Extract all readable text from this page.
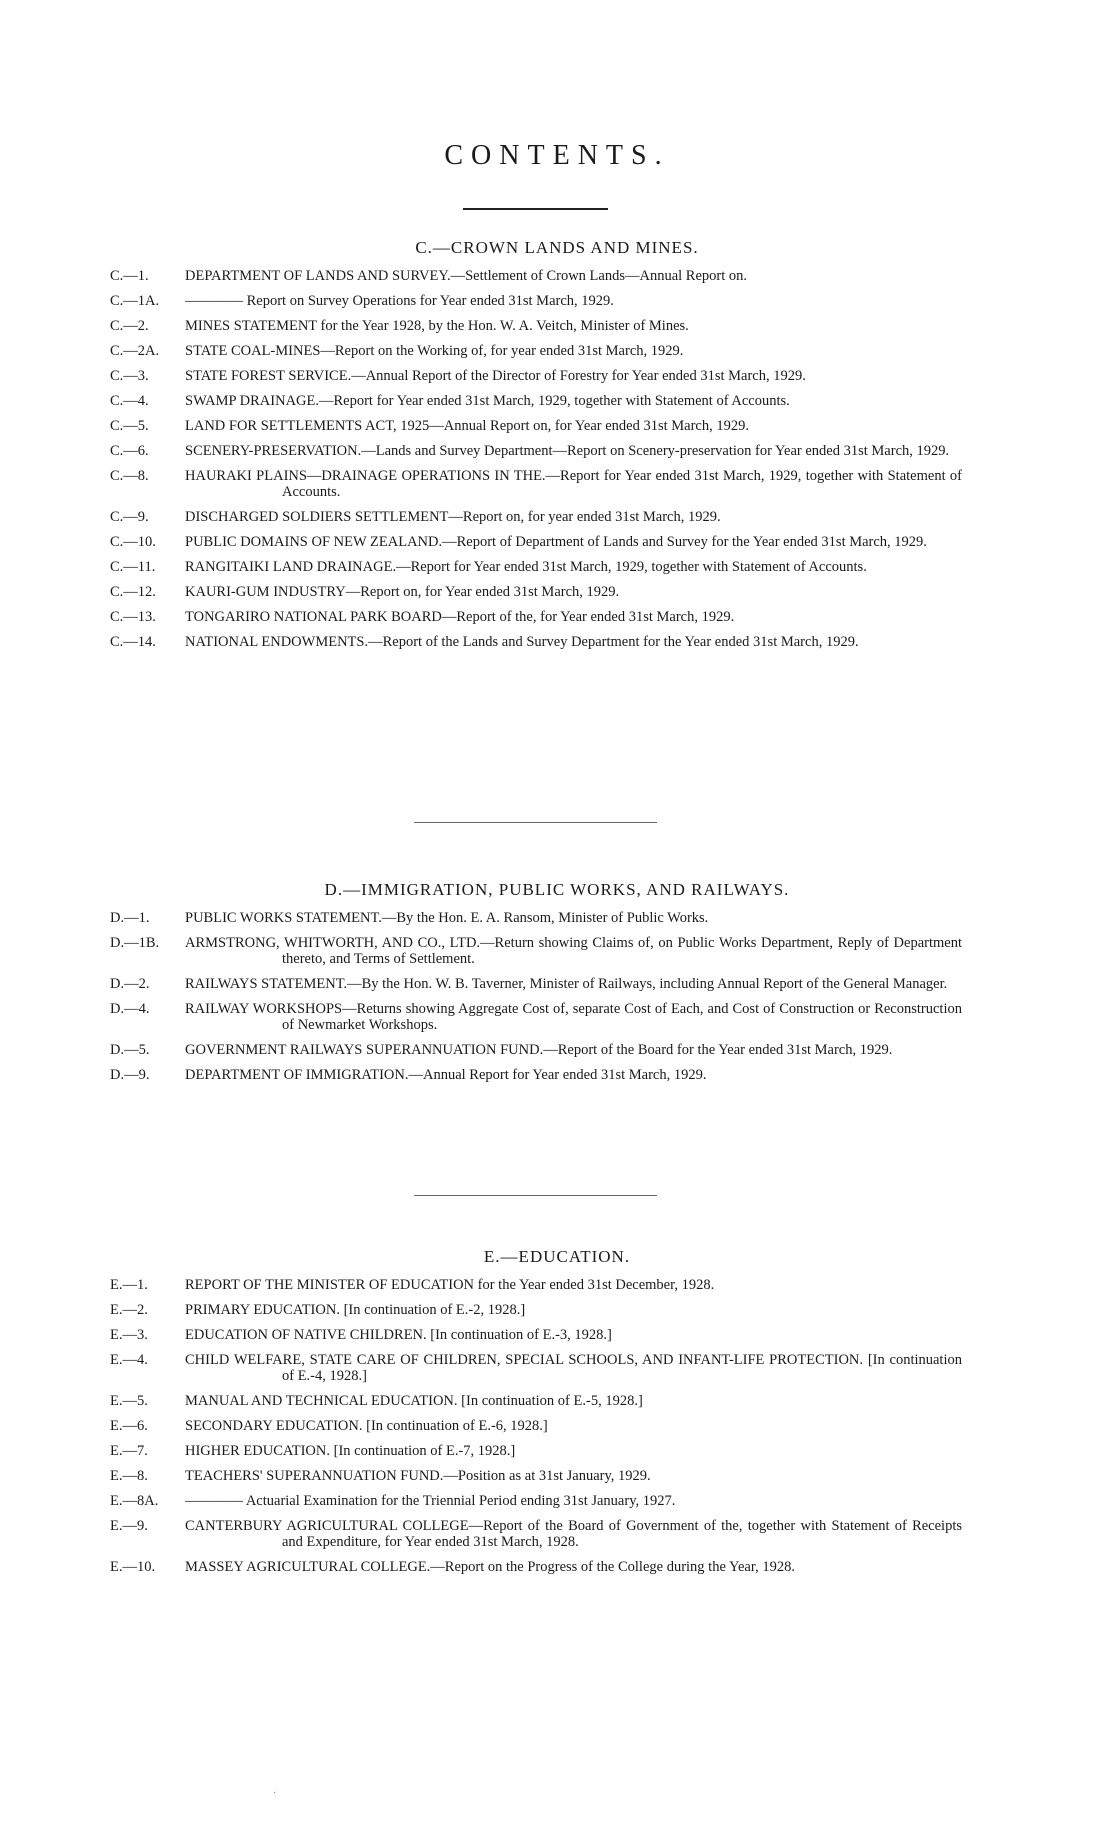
CONTENTS.
C.—CROWN LANDS AND MINES.
C.—1.	DEPARTMENT OF LANDS AND SURVEY.—Settlement of Crown Lands—Annual Report on.
C.—1A.	———— Report on Survey Operations for Year ended 31st March, 1929.
C.—2.	MINES STATEMENT for the Year 1928, by the Hon. W. A. Veitch, Minister of Mines.
C.—2A.	STATE COAL-MINES—Report on the Working of, for year ended 31st March, 1929.
C.—3.	STATE FOREST SERVICE.—Annual Report of the Director of Forestry for Year ended 31st March, 1929.
C.—4.	SWAMP DRAINAGE.—Report for Year ended 31st March, 1929, together with Statement of Accounts.
C.—5.	LAND FOR SETTLEMENTS ACT, 1925—Annual Report on, for Year ended 31st March, 1929.
C.—6.	SCENERY-PRESERVATION.—Lands and Survey Department—Report on Scenery-preservation for Year ended 31st March, 1929.
C.—8.	HAURAKI PLAINS—DRAINAGE OPERATIONS IN THE.—Report for Year ended 31st March, 1929, together with Statement of Accounts.
C.—9.	DISCHARGED SOLDIERS SETTLEMENT—Report on, for year ended 31st March, 1929.
C.—10.	PUBLIC DOMAINS OF NEW ZEALAND.—Report of Department of Lands and Survey for the Year ended 31st March, 1929.
C.—11.	RANGITAIKI LAND DRAINAGE.—Report for Year ended 31st March, 1929, together with Statement of Accounts.
C.—12.	KAURI-GUM INDUSTRY—Report on, for Year ended 31st March, 1929.
C.—13.	TONGARIRO NATIONAL PARK BOARD—Report of the, for Year ended 31st March, 1929.
C.—14.	NATIONAL ENDOWMENTS.—Report of the Lands and Survey Department for the Year ended 31st March, 1929.
D.—IMMIGRATION, PUBLIC WORKS, AND RAILWAYS.
D.—1.	PUBLIC WORKS STATEMENT.—By the Hon. E. A. Ransom, Minister of Public Works.
D.—1B.	ARMSTRONG, WHITWORTH, AND CO., LTD.—Return showing Claims of, on Public Works Department, Reply of Department thereto, and Terms of Settlement.
D.—2.	RAILWAYS STATEMENT.—By the Hon. W. B. Taverner, Minister of Railways, including Annual Report of the General Manager.
D.—4.	RAILWAY WORKSHOPS—Returns showing Aggregate Cost of, separate Cost of Each, and Cost of Construction or Reconstruction of Newmarket Workshops.
D.—5.	GOVERNMENT RAILWAYS SUPERANNUATION FUND.—Report of the Board for the Year ended 31st March, 1929.
D.—9.	DEPARTMENT OF IMMIGRATION.—Annual Report for Year ended 31st March, 1929.
E.—EDUCATION.
E.—1.	REPORT OF THE MINISTER OF EDUCATION for the Year ended 31st December, 1928.
E.—2.	PRIMARY EDUCATION. [In continuation of E.-2, 1928.]
E.—3.	EDUCATION OF NATIVE CHILDREN. [In continuation of E.-3, 1928.]
E.—4.	CHILD WELFARE, STATE CARE OF CHILDREN, SPECIAL SCHOOLS, AND INFANT-LIFE PROTECTION. [In continuation of E.-4, 1928.]
E.—5.	MANUAL AND TECHNICAL EDUCATION. [In continuation of E.-5, 1928.]
E.—6.	SECONDARY EDUCATION. [In continuation of E.-6, 1928.]
E.—7.	HIGHER EDUCATION. [In continuation of E.-7, 1928.]
E.—8.	TEACHERS' SUPERANNUATION FUND.—Position as at 31st January, 1929.
E.—8A.	———— Actuarial Examination for the Triennial Period ending 31st January, 1927.
E.—9.	CANTERBURY AGRICULTURAL COLLEGE—Report of the Board of Government of the, together with Statement of Receipts and Expenditure, for Year ended 31st March, 1928.
E.—10.	MASSEY AGRICULTURAL COLLEGE.—Report on the Progress of the College during the Year, 1928.
·
